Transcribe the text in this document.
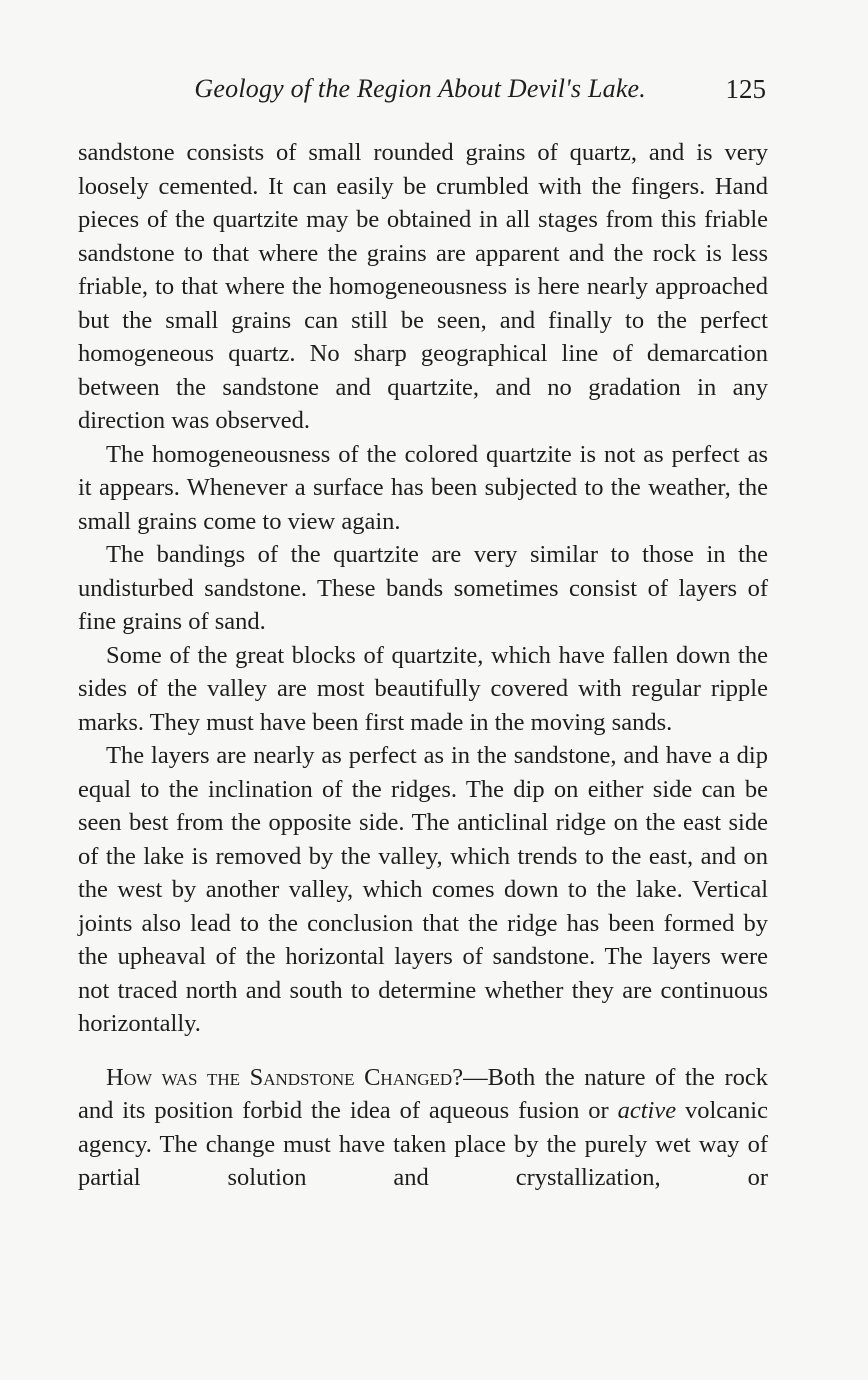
Geology of the Region About Devil's Lake.	125

sandstone consists of small rounded grains of quartz, and is very loosely cemented. It can easily be crumbled with the fingers. Hand pieces of the quartzite may be obtained in all stages from this friable sandstone to that where the grains are apparent and the rock is less friable, to that where the homogeneousness is here nearly approached but the small grains can still be seen, and finally to the perfect homogeneous quartz. No sharp geographical line of demarcation between the sandstone and quartzite, and no gradation in any direction was observed.

The homogeneousness of the colored quartzite is not as perfect as it appears. Whenever a surface has been subjected to the weather, the small grains come to view again.

The bandings of the quartzite are very similar to those in the undisturbed sandstone. These bands sometimes consist of layers of fine grains of sand.

Some of the great blocks of quartzite, which have fallen down the sides of the valley are most beautifully covered with regular ripple marks. They must have been first made in the moving sands.

The layers are nearly as perfect as in the sandstone, and have a dip equal to the inclination of the ridges. The dip on either side can be seen best from the opposite side. The anticlinal ridge on the east side of the lake is removed by the valley, which trends to the east, and on the west by another valley, which comes down to the lake. Vertical joints also lead to the conclusion that the ridge has been formed by the upheaval of the horizontal layers of sandstone. The layers were not traced north and south to determine whether they are continuous horizontally.

How was the Sandstone Changed?—Both the nature of the rock and its position forbid the idea of aqueous fusion or active volcanic agency. The change must have taken place by the purely wet way of partial solution and crystallization, or
